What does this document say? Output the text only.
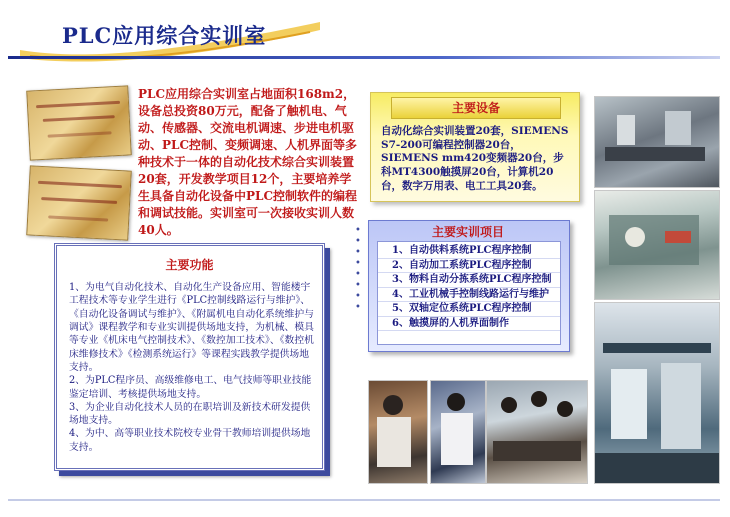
PLC应用综合实训室
PLC应用综合实训室占地面积168m2，设备总投资80万元，配备了触机电、气动、传感器、交流电机调速、步进电机驱动、PLC控制、变频调速、人机界面等多种技术于一体的自动化技术综合实训装置20套，开发教学项目12个，主要培养学生具备自动化设备中PLC控制软件的编程和调试技能。实训室可一次接收实训人数40人。
主要设备
自动化综合实训装置20套，SIEMENS S7-200可编程控制器20台，SIEMENS mm420变频器20台，步科MT4300触摸屏20台，计算机20台，数字万用表、电工工具20套。
•
•
•
•
•
•
•
•
主要实训项目
1、自动供料系统PLC程序控制
2、自动加工系统PLC程序控制
3、物料自动分拣系统PLC程序控制
4、工业机械手控制线路运行与维护
5、双轴定位系统PLC程序控制
6、触摸屏的人机界面制作
主要功能

1、为电气自动化技术、自动化生产设备应用、智能楼宇工程技术等专业学生进行《PLC控制线路运行与维护》、《自动化设备调试与维护》、《附属机电自动化系统维护与调试》课程教学和专业实训提供场地支持，为机械、模具等专业《机床电气控制技术》、《数控加工技术》、《数控机床维修技术》《检测系统运行》等课程实践教学提供场地支持。

2、为PLC程序员、高级维修电工、电气技师等职业技能鉴定培训、考核提供场地支持。

3、为企业自动化技术人员的在职培训及新技术研发提供场地支持。

4、为中、高等职业技术院校专业骨干教师培训提供场地支持。
